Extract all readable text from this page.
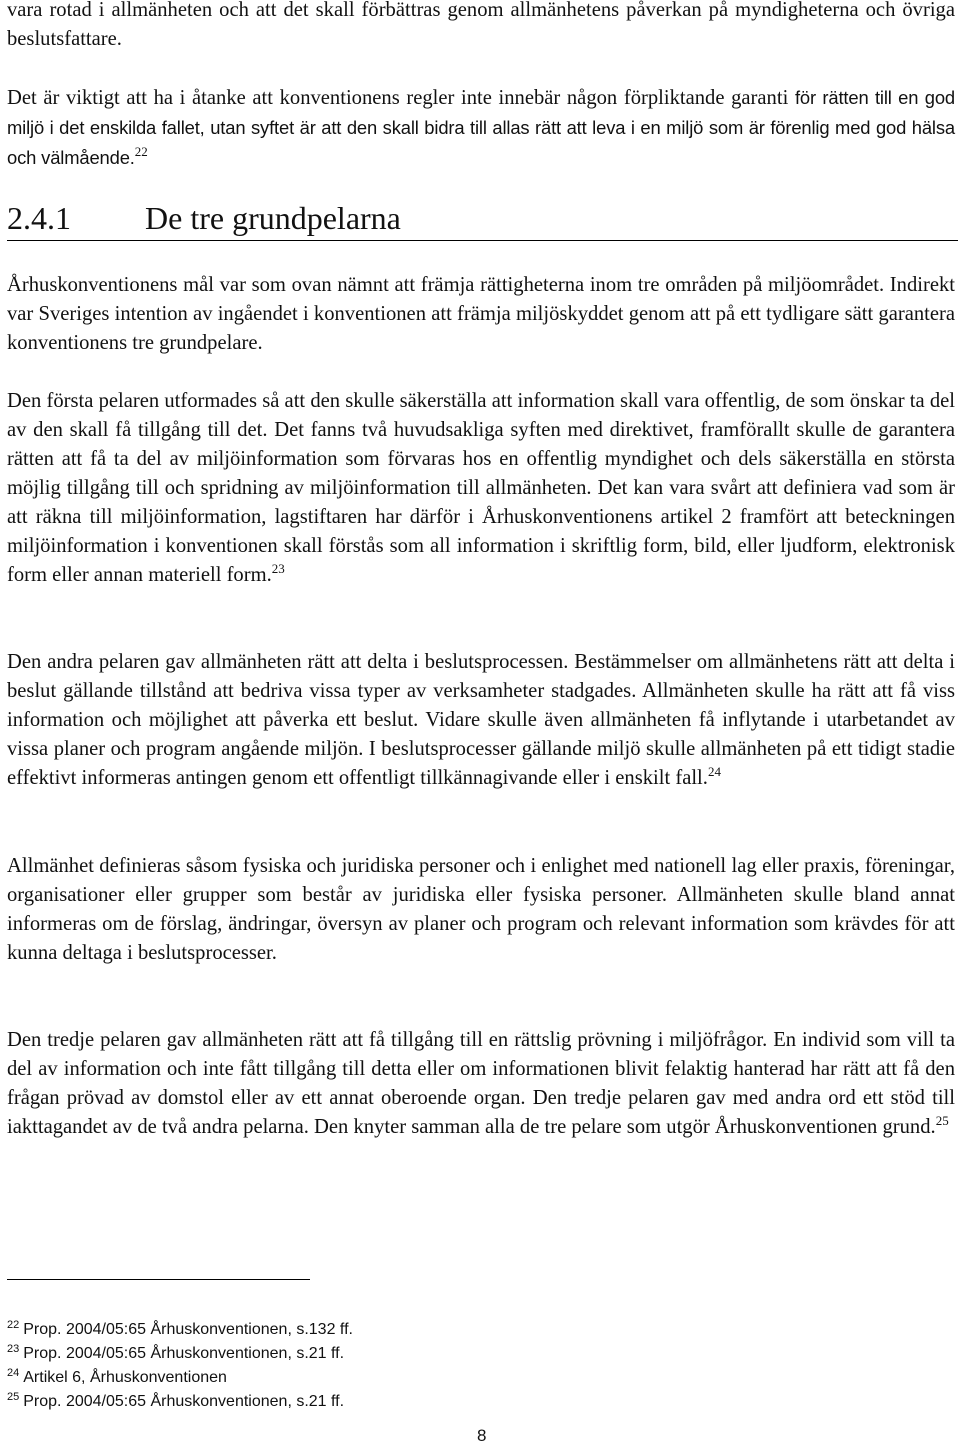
vara rotad i allmänheten och att det skall förbättras genom allmänhetens påverkan på myndigheterna och övriga beslutsfattare.

Det är viktigt att ha i åtanke att konventionens regler inte innebär någon förpliktande garanti för rätten till en god miljö i det enskilda fallet, utan syftet är att den skall bidra till allas rätt att leva i en miljö som är förenlig med god hälsa och välmående.$^{22}$

2.4.1 De tre grundpelarna

Århuskonventionens mål var som ovan nämnt att främja rättigheterna inom tre områden på miljöområdet. Indirekt var Sveriges intention av ingåendet i konventionen att främja miljöskyddet genom att på ett tydligare sätt garantera konventionens tre grundpelare.

Den första pelaren utformades så att den skulle säkerställa att information skall vara offentlig, de som önskar ta del av den skall få tillgång till det. Det fanns två huvudsakliga syften med direktivet, framförallt skulle de garantera rätten att få ta del av miljöinformation som förvaras hos en offentlig myndighet och dels säkerställa en största möjlig tillgång till och spridning av miljöinformation till allmänheten. Det kan vara svårt att definiera vad som är att räkna till miljöinformation, lagstiftaren har därför i Århuskonventionens artikel 2 framfört att beteckningen miljöinformation i konventionen skall förstås som all information i skriftlig form, bild, eller ljudform, elektronisk form eller annan materiell form.$^{23}$

Den andra pelaren gav allmänheten rätt att delta i beslutsprocessen. Bestämmelser om allmänhetens rätt att delta i beslut gällande tillstånd att bedriva vissa typer av verksamheter stadgades. Allmänheten skulle ha rätt att få viss information och möjlighet att påverka ett beslut. Vidare skulle även allmänheten få inflytande i utarbetandet av vissa planer och program angående miljön. I beslutsprocesser gällande miljö skulle allmänheten på ett tidigt stadie effektivt informeras antingen genom ett offentligt tillkännagivande eller i enskilt fall.$^{24}$

Allmänhet definieras såsom fysiska och juridiska personer och i enlighet med nationell lag eller praxis, föreningar, organisationer eller grupper som består av juridiska eller fysiska personer. Allmänheten skulle bland annat informeras om de förslag, ändringar, översyn av planer och program och relevant information som krävdes för att kunna deltaga i beslutsprocesser.

Den tredje pelaren gav allmänheten rätt att få tillgång till en rättslig prövning i miljöfrågor. En individ som vill ta del av information och inte fått tillgång till detta eller om informationen blivit felaktig hanterad har rätt att få den frågan prövad av domstol eller av ett annat oberoende organ. Den tredje pelaren gav med andra ord ett stöd till iakttagandet av de två andra pelarna. Den knyter samman alla de tre pelare som utgör Århuskonventionen grund.$^{25}$

$^{22}$ Prop. 2004/05:65 Århuskonventionen, s.132 ff.

$^{23}$ Prop. 2004/05:65 Århuskonventionen, s.21 ff.

$^{24}$ Artikel 6, Århuskonventionen

$^{25}$ Prop. 2004/05:65 Århuskonventionen, s.21 ff.

8
